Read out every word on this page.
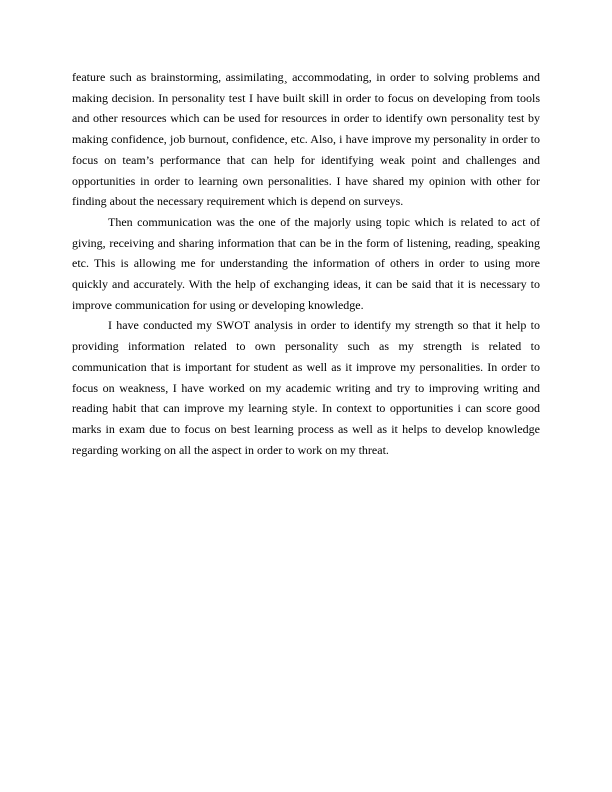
feature such as brainstorming, assimilating¸ accommodating, in order to solving problems and making decision. In personality test I have built skill in order to focus on developing from tools and other resources which can be used for resources in order to identify own personality test by making confidence, job burnout, confidence, etc. Also, i have improve my personality in order to focus on team’s performance that can help for identifying weak point and challenges and opportunities in order to learning own personalities. I have shared my opinion with other for finding about the necessary requirement which is depend on surveys.

Then communication was the one of the majorly using topic which is related to act of giving, receiving and sharing information that can be in the form of listening, reading, speaking etc. This is allowing me for understanding the information of others in order to using more quickly and accurately. With the help of exchanging ideas, it can be said that it is necessary to improve communication for using or developing knowledge.

I have conducted my SWOT analysis in order to identify my strength so that it help to providing information related to own personality such as my strength is related to communication that is important for student as well as it improve my personalities. In order to focus on weakness, I have worked on my academic writing and try to improving writing and reading habit that can improve my learning style. In context to opportunities i can score good marks in exam due to focus on best learning process as well as it helps to develop knowledge regarding working on all the aspect in order to work on my threat.
